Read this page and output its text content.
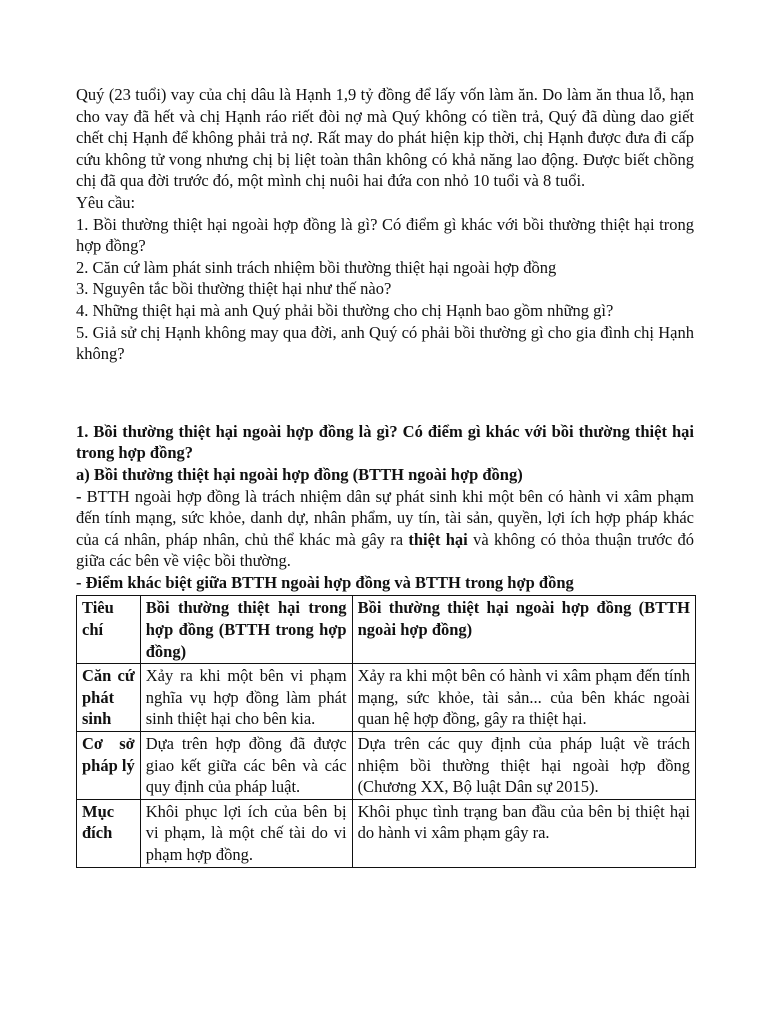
Quý (23 tuổi) vay của chị dâu là Hạnh 1,9 tỷ đồng để lấy vốn làm ăn. Do làm ăn thua lỗ, hạn cho vay đã hết và chị Hạnh ráo riết đòi nợ mà Quý không có tiền trả, Quý đã dùng dao giết chết chị Hạnh để không phải trả nợ. Rất may do phát hiện kịp thời, chị Hạnh được đưa đi cấp cứu không tử vong nhưng chị bị liệt toàn thân không có khả năng lao động. Được biết chồng chị đã qua đời trước đó, một mình chị nuôi hai đứa con nhỏ 10 tuổi và 8 tuổi.

Yêu cầu:

1. Bồi thường thiệt hại ngoài hợp đồng là gì? Có điểm gì khác với bồi thường thiệt hại trong hợp đồng?

2. Căn cứ làm phát sinh trách nhiệm bồi thường thiệt hại ngoài hợp đồng

3. Nguyên tắc bồi thường thiệt hại như thế nào?

4. Những thiệt hại mà anh Quý phải bồi thường cho chị Hạnh bao gồm những gì?

5. Giả sử chị Hạnh không may qua đời, anh Quý có phải bồi thường gì cho gia đình chị Hạnh không?

1. Bồi thường thiệt hại ngoài hợp đồng là gì? Có điểm gì khác với bồi thường thiệt hại trong hợp đồng?

a) Bồi thường thiệt hại ngoài hợp đồng (BTTH ngoài hợp đồng)

- BTTH ngoài hợp đồng là trách nhiệm dân sự phát sinh khi một bên có hành vi xâm phạm đến tính mạng, sức khỏe, danh dự, nhân phẩm, uy tín, tài sản, quyền, lợi ích hợp pháp khác của cá nhân, pháp nhân, chủ thể khác mà gây ra thiệt hại và không có thỏa thuận trước đó giữa các bên về việc bồi thường.

- Điểm khác biệt giữa BTTH ngoài hợp đồng và BTTH trong hợp đồng

Tiêu chí	Bồi thường thiệt hại trong hợp đồng (BTTH trong hợp đồng)	Bồi thường thiệt hại ngoài hợp đồng (BTTH ngoài hợp đồng)
Căn cứ phát sinh	Xảy ra khi một bên vi phạm nghĩa vụ hợp đồng làm phát sinh thiệt hại cho bên kia.	Xảy ra khi một bên có hành vi xâm phạm đến tính mạng, sức khỏe, tài sản... của bên khác ngoài quan hệ hợp đồng, gây ra thiệt hại.
Cơ sở pháp lý	Dựa trên hợp đồng đã được giao kết giữa các bên và các quy định của pháp luật.	Dựa trên các quy định của pháp luật về trách nhiệm bồi thường thiệt hại ngoài hợp đồng (Chương XX, Bộ luật Dân sự 2015).
Mục đích	Khôi phục lợi ích của bên bị vi phạm, là một chế tài do vi phạm hợp đồng.	Khôi phục tình trạng ban đầu của bên bị thiệt hại do hành vi xâm phạm gây ra.
